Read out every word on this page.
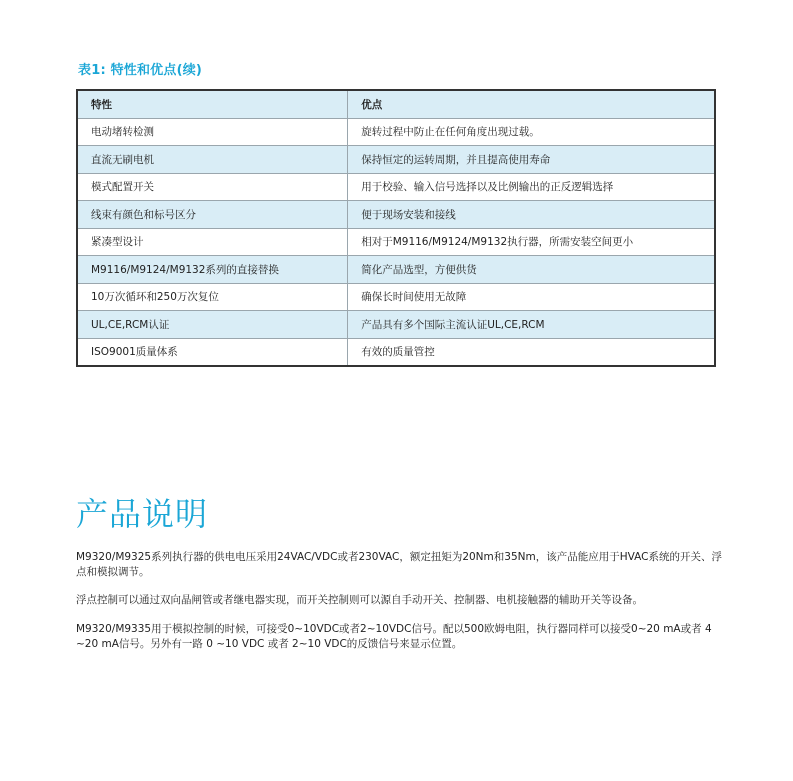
表1: 特性和优点(续)
特性	优点
电动堵转检测	旋转过程中防止在任何角度出现过载。
直流无刷电机	保持恒定的运转周期，并且提高使用寿命
模式配置开关	用于校验、输入信号选择以及比例输出的正反逻辑选择
线束有颜色和标号区分	便于现场安装和接线
紧凑型设计	相对于M9116/M9124/M9132执行器，所需安装空间更小
M9116/M9124/M9132系列的直接替换	简化产品选型，方便供货
10万次循环和250万次复位	确保长时间使用无故障
UL,CE,RCM认证	产品具有多个国际主流认证UL,CE,RCM
ISO9001质量体系	有效的质量管控
产品说明
M9320/M9325系列执行器的供电电压采用24VAC/VDC或者230VAC，额定扭矩为20Nm和35Nm，该产品能应用于HVAC系统的开关、浮点和模拟调节。
浮点控制可以通过双向晶闸管或者继电器实现，而开关控制则可以源自手动开关、控制器、电机接触器的辅助开关等设备。
M9320/M9335用于模拟控制的时候，可接受0~10VDC或者2~10VDC信号。配以500欧姆电阻，执行器同样可以接受0~20 mA或者 4 ~20 mA信号。另外有一路 0 ~10 VDC 或者 2~10 VDC的反馈信号来显示位置。
